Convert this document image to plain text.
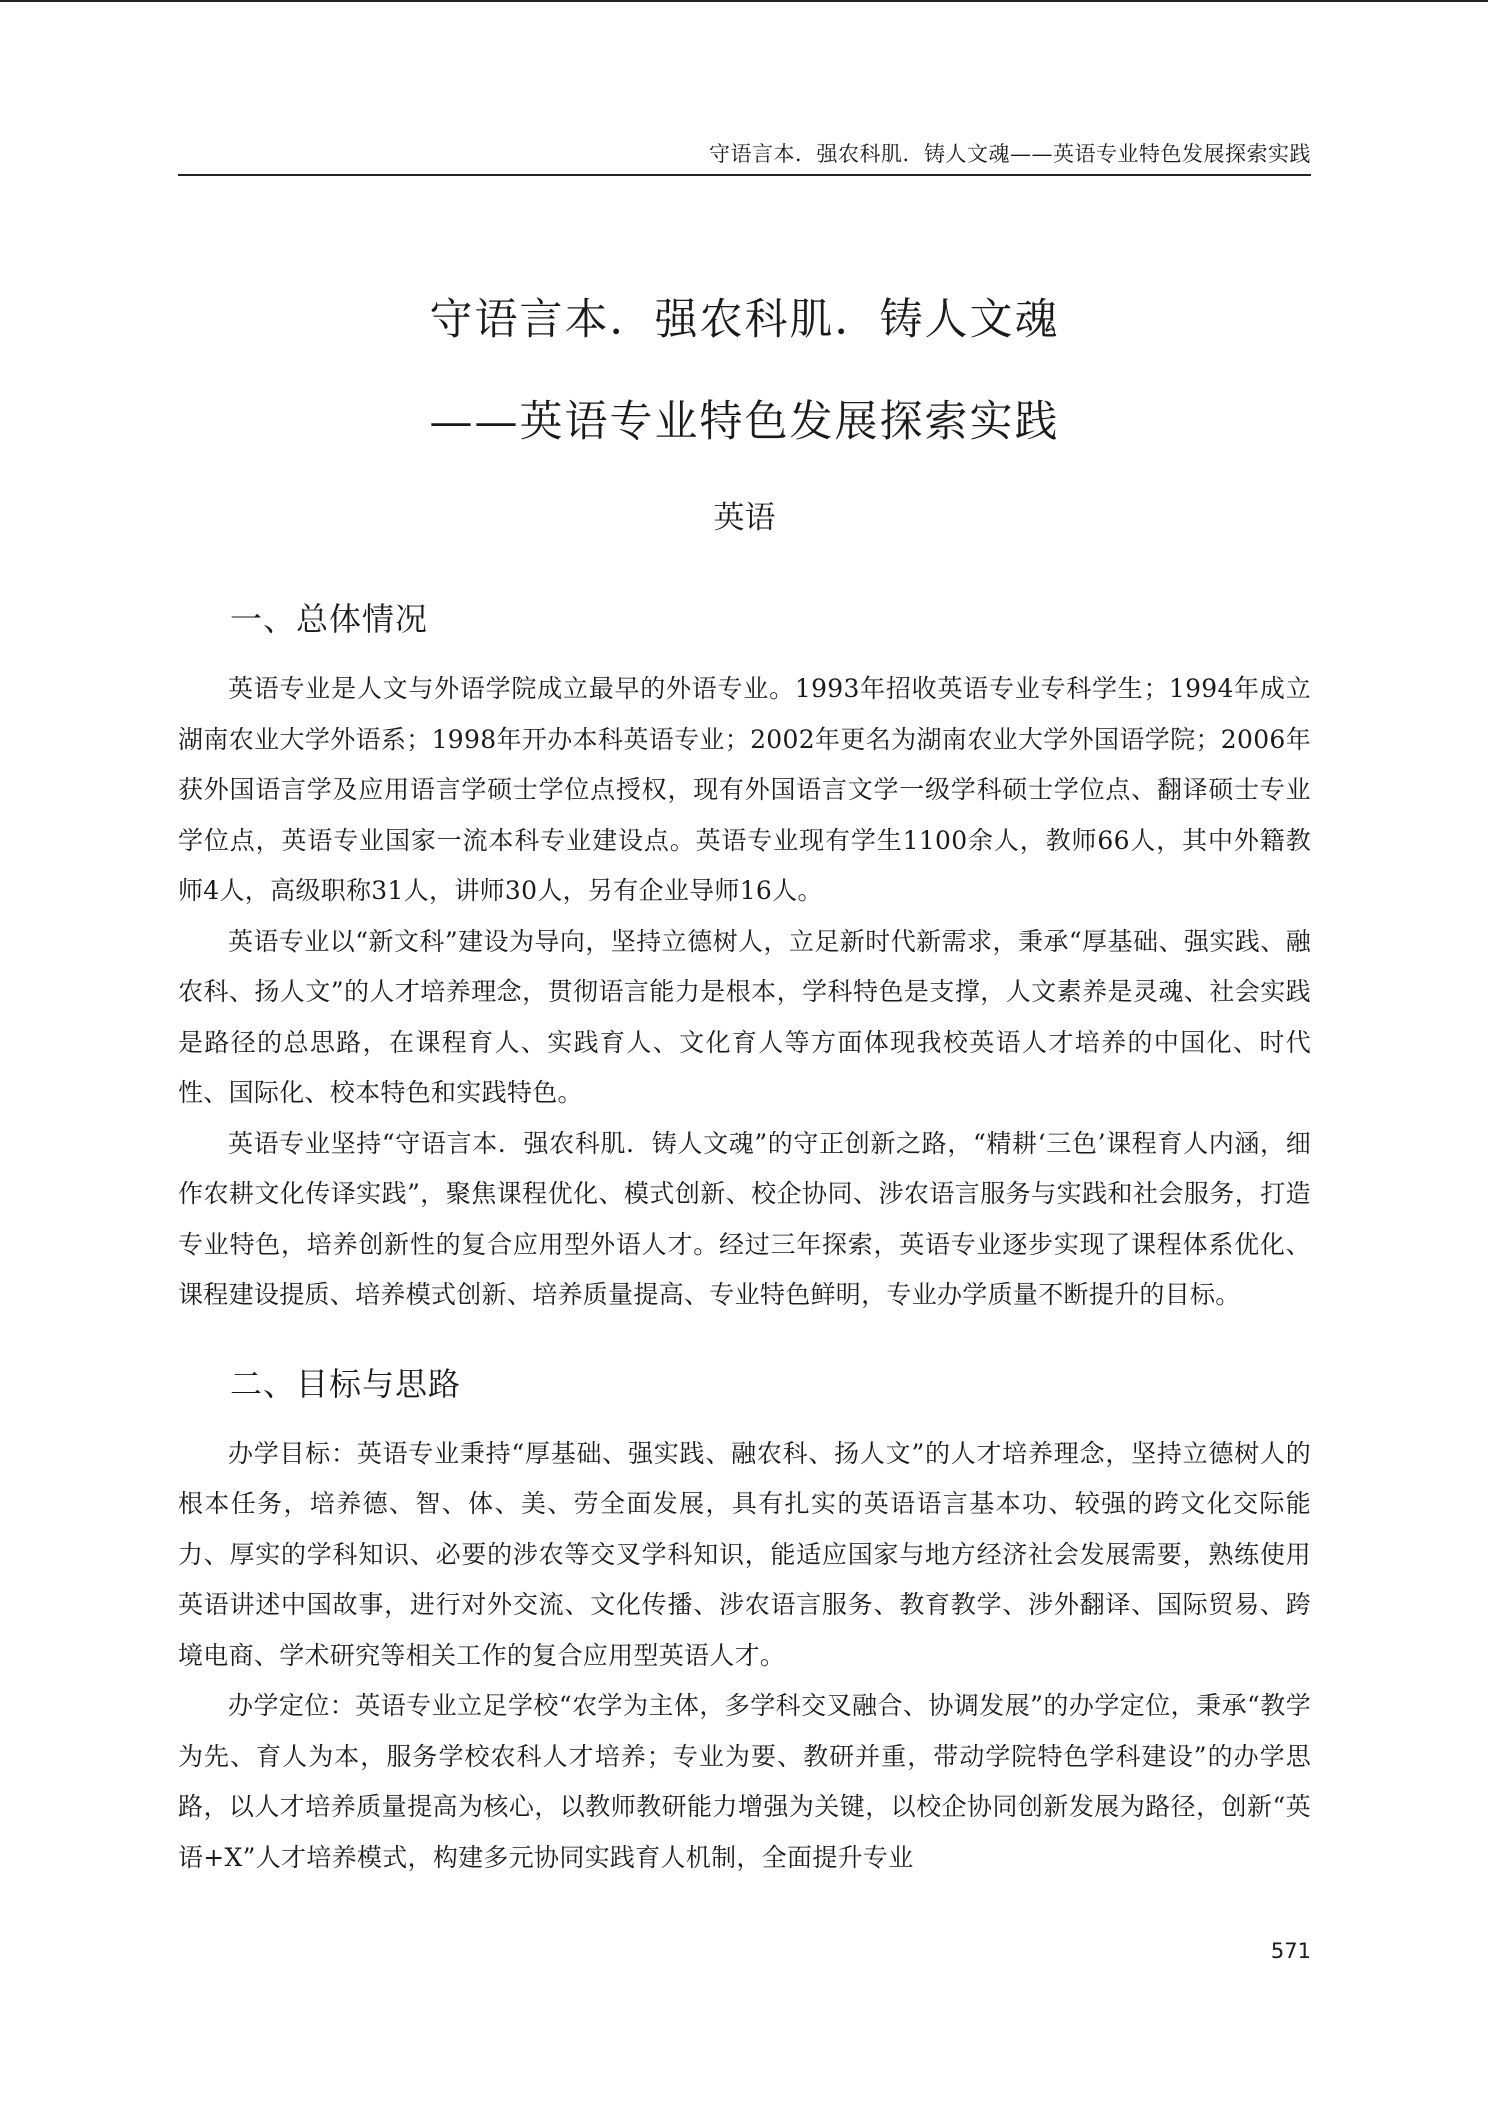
守语言本．强农科肌．铸人文魂——英语专业特色发展探索实践
守语言本．强农科肌．铸人文魂
——英语专业特色发展探索实践
英语
一、总体情况

英语专业是人文与外语学院成立最早的外语专业。1993年招收英语专业专科学生；1994年成立湖南农业大学外语系；1998年开办本科英语专业；2002年更名为湖南农业大学外国语学院；2006年获外国语言学及应用语言学硕士学位点授权，现有外国语言文学一级学科硕士学位点、翻译硕士专业学位点，英语专业国家一流本科专业建设点。英语专业现有学生1100余人，教师66人，其中外籍教师4人，高级职称31人，讲师30人，另有企业导师16人。

英语专业以“新文科”建设为导向，坚持立德树人，立足新时代新需求，秉承“厚基础、强实践、融农科、扬人文”的人才培养理念，贯彻语言能力是根本，学科特色是支撑，人文素养是灵魂、社会实践是路径的总思路，在课程育人、实践育人、文化育人等方面体现我校英语人才培养的中国化、时代性、国际化、校本特色和实践特色。

英语专业坚持“守语言本．强农科肌．铸人文魂”的守正创新之路，“精耕‘三色’课程育人内涵，细作农耕文化传译实践”，聚焦课程优化、模式创新、校企协同、涉农语言服务与实践和社会服务，打造专业特色，培养创新性的复合应用型外语人才。经过三年探索，英语专业逐步实现了课程体系优化、课程建设提质、培养模式创新、培养质量提高、专业特色鲜明，专业办学质量不断提升的目标。

二、目标与思路

办学目标：英语专业秉持“厚基础、强实践、融农科、扬人文”的人才培养理念，坚持立德树人的根本任务，培养德、智、体、美、劳全面发展，具有扎实的英语语言基本功、较强的跨文化交际能力、厚实的学科知识、必要的涉农等交叉学科知识，能适应国家与地方经济社会发展需要，熟练使用英语讲述中国故事，进行对外交流、文化传播、涉农语言服务、教育教学、涉外翻译、国际贸易、跨境电商、学术研究等相关工作的复合应用型英语人才。

办学定位：英语专业立足学校“农学为主体，多学科交叉融合、协调发展”的办学定位，秉承“教学为先、育人为本，服务学校农科人才培养；专业为要、教研并重，带动学院特色学科建设”的办学思路，以人才培养质量提高为核心，以教师教研能力增强为关键，以校企协同创新发展为路径，创新“英语+X”人才培养模式，构建多元协同实践育人机制，全面提升专业

571
